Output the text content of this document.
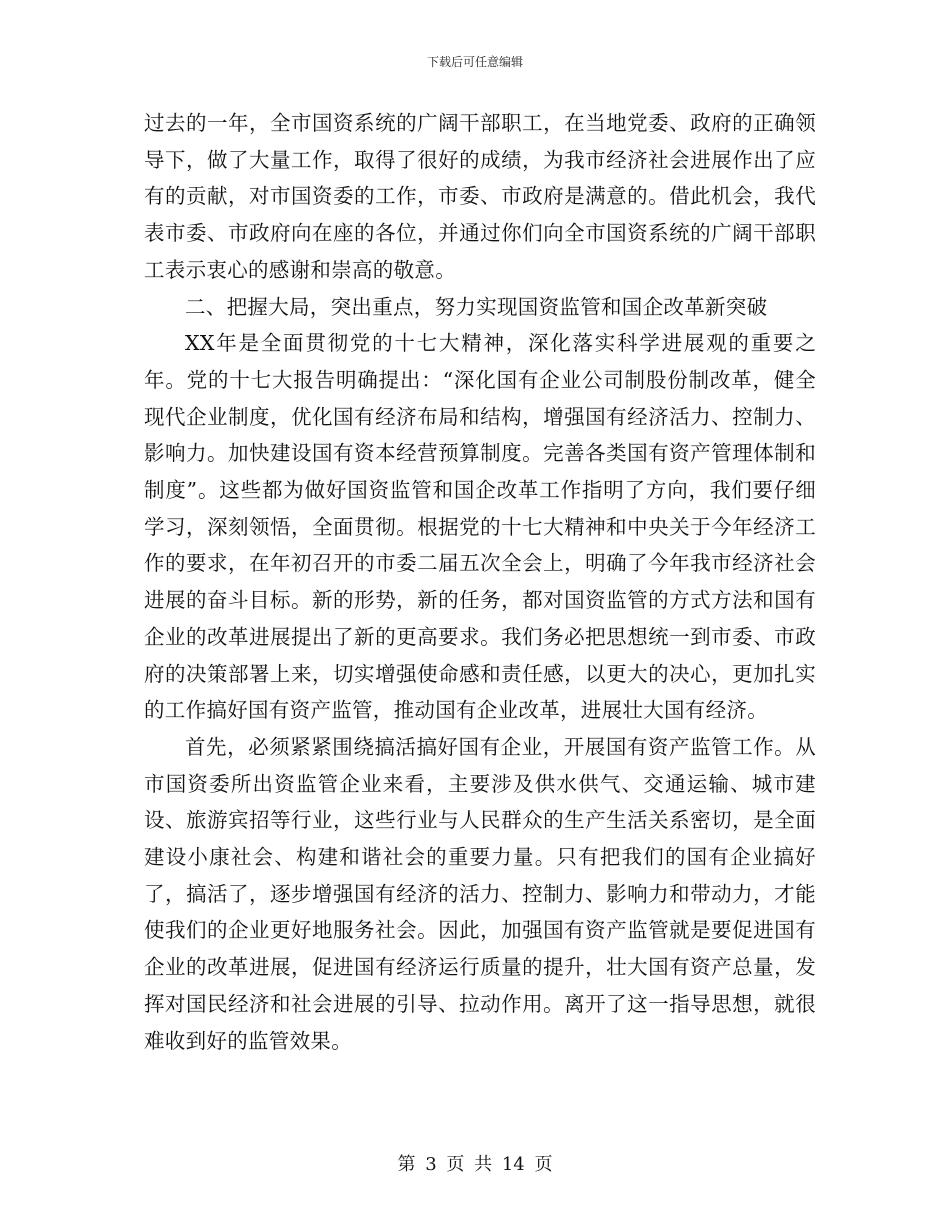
下载后可任意编辑

过去的一年，全市国资系统的广阔干部职工，在当地党委、政府的正确领导下，做了大量工作，取得了很好的成绩，为我市经济社会进展作出了应有的贡献，对市国资委的工作，市委、市政府是满意的。借此机会，我代表市委、市政府向在座的各位，并通过你们向全市国资系统的广阔干部职工表示衷心的感谢和崇高的敬意。

二、把握大局，突出重点，努力实现国资监管和国企改革新突破

XX年是全面贯彻党的十七大精神，深化落实科学进展观的重要之年。党的十七大报告明确提出：“深化国有企业公司制股份制改革，健全现代企业制度，优化国有经济布局和结构，增强国有经济活力、控制力、影响力。加快建设国有资本经营预算制度。完善各类国有资产管理体制和制度”。这些都为做好国资监管和国企改革工作指明了方向，我们要仔细学习，深刻领悟，全面贯彻。根据党的十七大精神和中央关于今年经济工作的要求，在年初召开的市委二届五次全会上，明确了今年我市经济社会进展的奋斗目标。新的形势，新的任务，都对国资监管的方式方法和国有企业的改革进展提出了新的更高要求。我们务必把思想统一到市委、市政府的决策部署上来，切实增强使命感和责任感，以更大的决心，更加扎实的工作搞好国有资产监管，推动国有企业改革，进展壮大国有经济。

首先，必须紧紧围绕搞活搞好国有企业，开展国有资产监管工作。从市国资委所出资监管企业来看，主要涉及供水供气、交通运输、城市建设、旅游宾招等行业，这些行业与人民群众的生产生活关系密切，是全面建设小康社会、构建和谐社会的重要力量。只有把我们的国有企业搞好了，搞活了，逐步增强国有经济的活力、控制力、影响力和带动力，才能使我们的企业更好地服务社会。因此，加强国有资产监管就是要促进国有企业的改革进展，促进国有经济运行质量的提升，壮大国有资产总量，发挥对国民经济和社会进展的引导、拉动作用。离开了这一指导思想，就很难收到好的监管效果。

第 3 页 共 14 页
